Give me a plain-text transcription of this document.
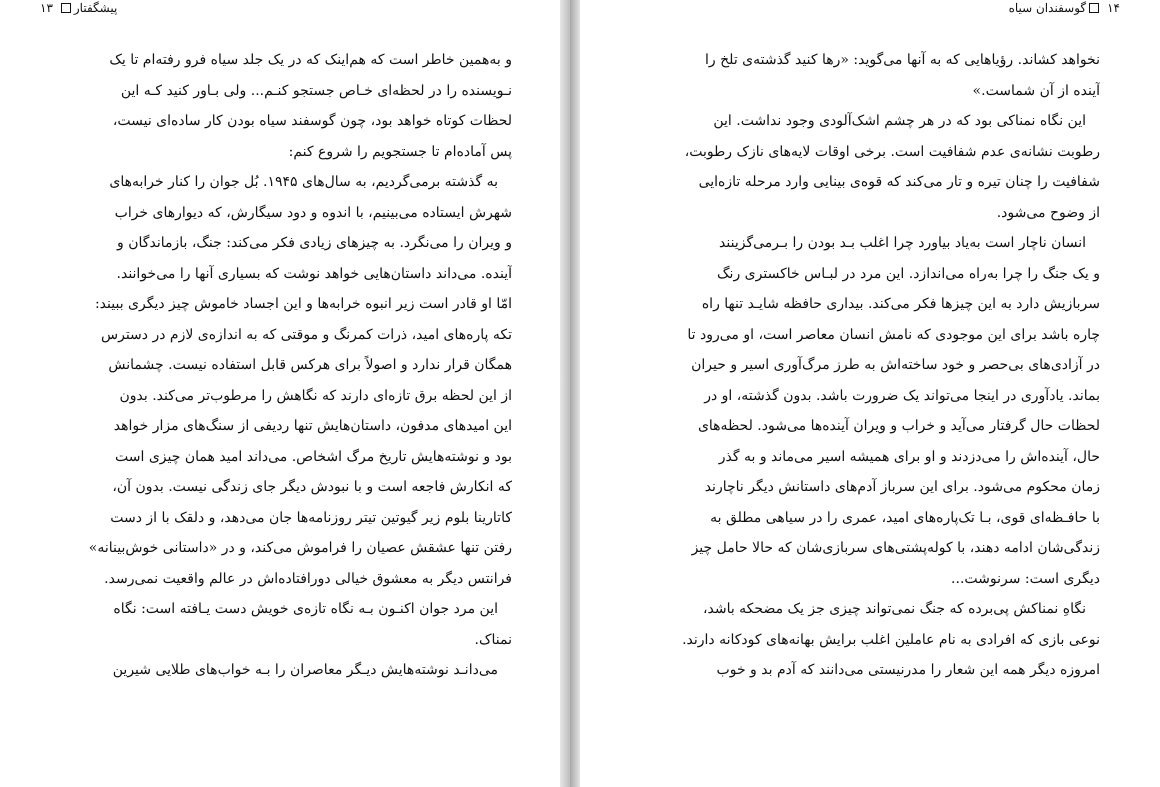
پیشگفتار
۱۳
و به‌همین خاطر است که هم‌اینک که در یک جلد سیاه فرو رفته‌ام تا یک
نـویسنده را در لحظه‌ای خـاص جستجو کنـم... ولی بـاور کنید کـه این
لحظات کوتاه خواهد بود، چون گوسفند سیاه بودن کار ساده‌ای نیست،
پس آماده‌ام تا جستجویم را شروع کنم:
به گذشته برمی‌گردیم، به سال‌های ۱۹۴۵. بُل جوان را کنار خرابه‌های
شهرش ایستاده می‌بینیم، با اندوه و دود سیگارش، که دیوارهای خراب
و ویران را می‌نگرد. به چیزهای زیادی فکر می‌کند: جنگ، بازماندگان و
آینده. می‌داند داستان‌هایی خواهد نوشت که بسیاری آنها را می‌خوانند.
امّا او قادر است زیر انبوه خرابه‌ها و این اجساد خاموش چیز دیگری ببیند:
تکه پاره‌های امید، ذرات کمرنگ و موقتی که به اندازه‌ی لازم در دسترس
همگان قرار ندارد و اصولاً برای هرکس قابل استفاده نیست. چشمانش
از این لحظه برق تازه‌ای دارند که نگاهش را مرطوب‌تر می‌کند. بدون
این امیدهای مدفون، داستان‌هایش تنها ردیفی از سنگ‌های مزار خواهد
بود و نوشته‌هایش تاریخ مرگ اشخاص. می‌داند امید همان چیزی است
که انکارش فاجعه است و با نبودش دیگر جای زندگی نیست. بدون آن،
کاتارینا بلوم زیر گیوتین تیتر روزنامه‌ها جان می‌دهد، و دلقک با از دست
رفتن تنها عشقش عصیان را فراموش می‌کند، و در «داستانی خوش‌بینانه»
فرانتس دیگر به معشوق خیالی دورافتاده‌اش در عالم واقعیت نمی‌رسد.
این مرد جوان اکنـون بـه نگاه تازه‌ی خویش دست یـافته است: نگاه
نمناک.
می‌دانـد نوشته‌هایش دیـگر معاصران را بـه خواب‌های طلایی شیرین
۱۴
گوسفندان سیاه
نخواهد کشاند. رؤیاهایی که به آنها می‌گوید: «رها کنید گذشته‌ی تلخ را
آینده از آن شماست.»
این نگاه نمناکی بود که در هر چشم اشک‌آلودی وجود نداشت. این
رطوبت نشانه‌ی عدم شفافیت است. برخی اوقات لایه‌های نازک رطوبت،
شفافیت را چنان تیره و تار می‌کند که قوه‌ی بینایی وارد مرحله تازه‌ایی
از وضوح می‌شود.
انسان ناچار است به‌یاد بیاورد چرا اغلب بـد بودن را بـرمی‌گزینند
و یک جنگ را چرا به‌راه می‌اندازد. این مرد در لبـاس خاکستری رنگ
سربازیش دارد به این چیزها فکر می‌کند. بیداری حافظه شایـد تنها راه
چاره باشد برای این موجودی که نامش انسان معاصر است، او می‌رود تا
در آزادی‌های بی‌حصر و خود ساخته‌اش به طرز مرگ‌آوری اسیر و حیران
بماند. یادآوری در اینجا می‌تواند یک ضرورت باشد. بدون گذشته، او در
لحظات حال گرفتار می‌آید و خراب و ویران آینده‌ها می‌شود. لحظه‌های
حال، آینده‌اش را می‌دزدند و او برای همیشه اسیر می‌ماند و به گذر
زمان محکوم می‌شود. برای این سرباز آدم‌های داستانش دیگر ناچارند
با حافـظه‌ای قوی، بـا تک‌پاره‌های امید، عمری را در سیاهی مطلق به
زندگی‌شان ادامه دهند، با کوله‌پشتی‌های سربازی‌شان که حالا حامل چیز
دیگری است: سرنوشت...
نگاهِ نمناکش پی‌برده که جنگ نمی‌تواند چیزی جز یک مضحکه باشد،
نوعی بازی که افرادی به نام عاملین اغلب برایش بهانه‌های کودکانه دارند.
امروزه دیگر همه این شعار را مدرنیستی می‌دانند که آدم بد و خوب
